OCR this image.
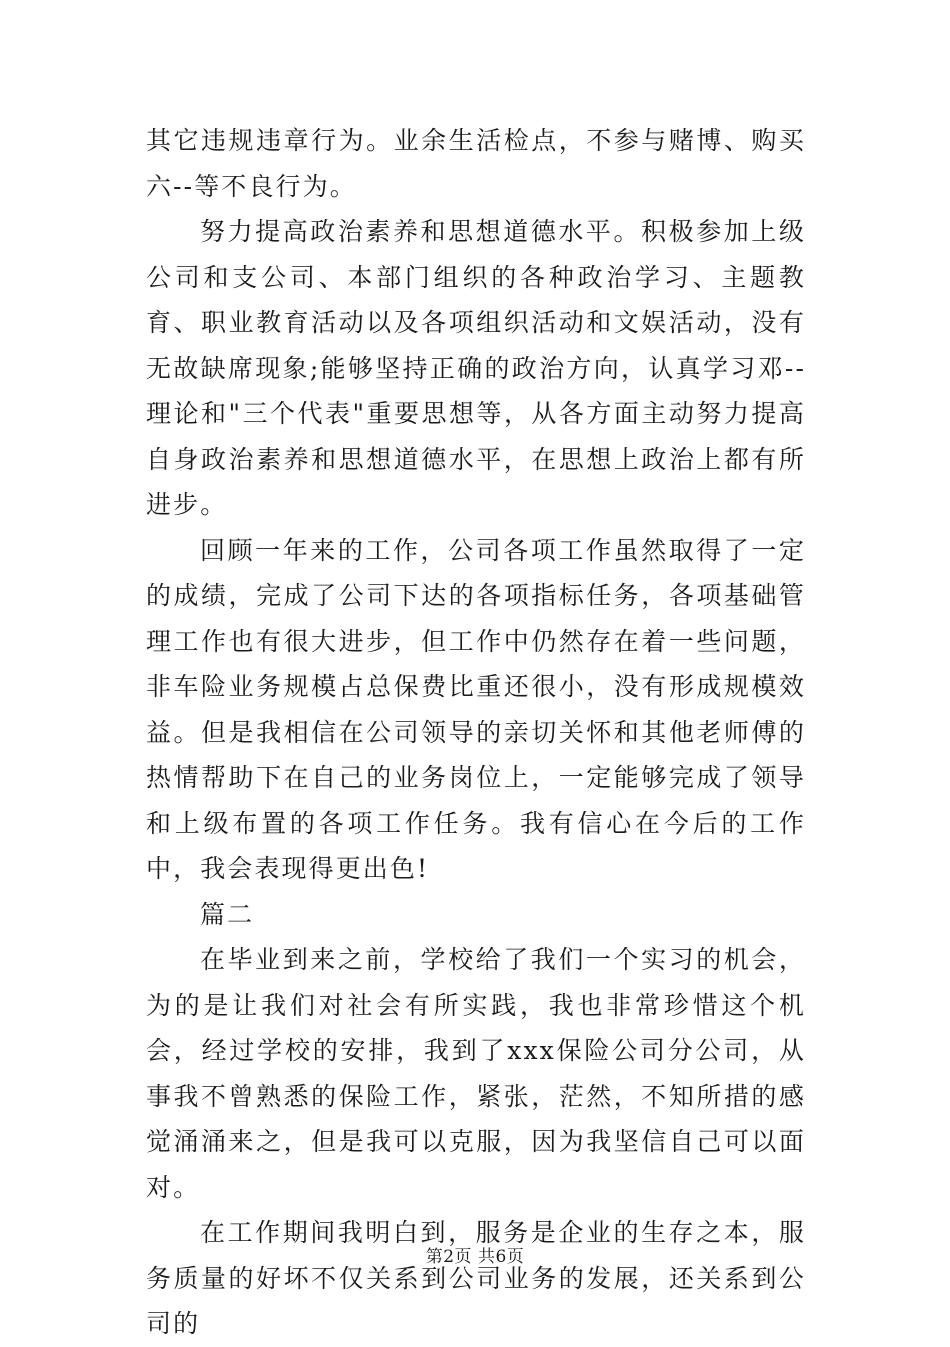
其它违规违章行为。业余生活检点，不参与赌博、购买六--等不良行为。

努力提高政治素养和思想道德水平。积极参加上级公司和支公司、本部门组织的各种政治学习、主题教育、职业教育活动以及各项组织活动和文娱活动，没有无故缺席现象;能够坚持正确的政治方向，认真学习邓--理论和"三个代表"重要思想等，从各方面主动努力提高自身政治素养和思想道德水平，在思想上政治上都有所进步。

回顾一年来的工作，公司各项工作虽然取得了一定的成绩，完成了公司下达的各项指标任务，各项基础管理工作也有很大进步，但工作中仍然存在着一些问题，非车险业务规模占总保费比重还很小，没有形成规模效益。但是我相信在公司领导的亲切关怀和其他老师傅的热情帮助下在自己的业务岗位上，一定能够完成了领导和上级布置的各项工作任务。我有信心在今后的工作中，我会表现得更出色!

篇二

在毕业到来之前，学校给了我们一个实习的机会，为的是让我们对社会有所实践，我也非常珍惜这个机会，经过学校的安排，我到了xxx保险公司分公司，从事我不曾熟悉的保险工作，紧张，茫然，不知所措的感觉涌涌来之，但是我可以克服，因为我坚信自己可以面对。

在工作期间我明白到，服务是企业的生存之本，服务质量的好坏不仅关系到公司业务的发展，还关系到公司的

第2页 共6页
